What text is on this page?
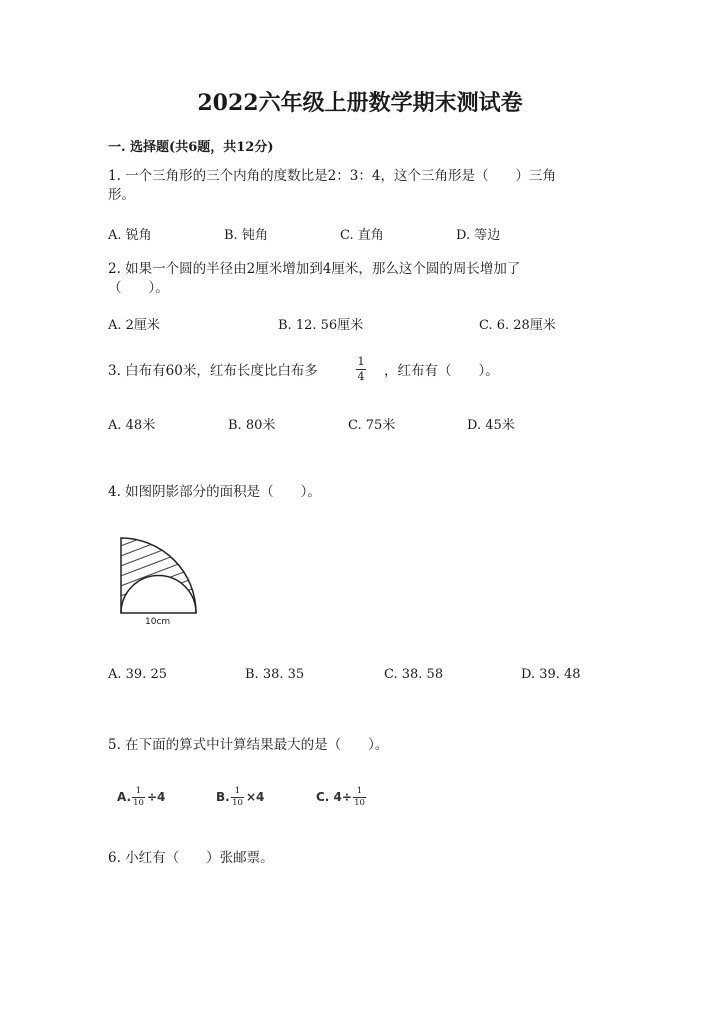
2022六年级上册数学期末测试卷
一. 选择题(共6题，共12分)
1. 一个三角形的三个内角的度数比是2：3：4，这个三角形是（　　）三角
形。
A. 锐角	B. 钝角	C. 直角	D. 等边
2. 如果一个圆的半径由2厘米增加到4厘米，那么这个圆的周长增加了
（　　）。
A. 2厘米	B. 12. 56厘米	C. 6. 28厘米
3. 白布有60米，红布长度比白布多
1
4 ，红布有（　　）。
A. 48米	B. 80米	C. 75米	D. 45米
4. 如图阴影部分的面积是（　　）。
10cm
A. 39. 25	B. 38. 35	C. 38. 58	D. 39. 48
5. 在下面的算式中计算结果最大的是（　　）。
A. 1
10 ÷4	B. 1
10 ×4	C. 4÷ 1
10
6. 小红有（　　）张邮票。
